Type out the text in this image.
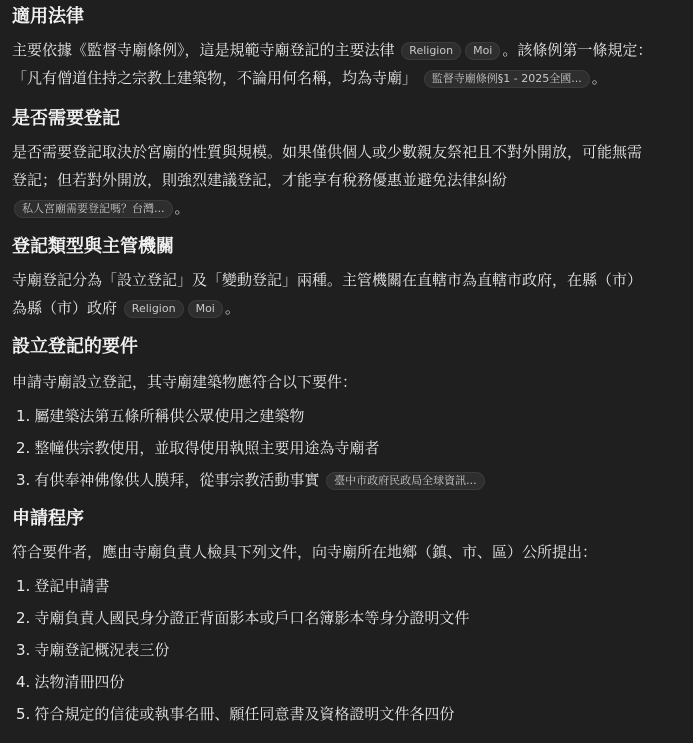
適用法律

主要依據《監督寺廟條例》，這是規範寺廟登記的主要法律 Religion Moi 。該條例第一條規定：
「凡有僧道住持之宗教上建築物，不論用何名稱，均為寺廟」 監督寺廟條例§1 - 2025全國... 。

是否需要登記

是否需要登記取決於宮廟的性質與規模。如果僅供個人或少數親友祭祀且不對外開放，可能無需
登記；但若對外開放，則強烈建議登記，才能享有稅務優惠並避免法律糾紛
私人宮廟需要登記嗎？台灣... 。

登記類型與主管機關

寺廟登記分為「設立登記」及「變動登記」兩種。主管機關在直轄市為直轄市政府，在縣（市）
為縣（市）政府 Religion Moi 。

設立登記的要件

申請寺廟設立登記，其寺廟建築物應符合以下要件：

1. 屬建築法第五條所稱供公眾使用之建築物
2. 整幢供宗教使用，並取得使用執照主要用途為寺廟者
3. 有供奉神佛像供人膜拜，從事宗教活動事實 臺中市政府民政局全球資訊...
申請程序

符合要件者，應由寺廟負責人檢具下列文件，向寺廟所在地鄉（鎮、市、區）公所提出：

1. 登記申請書
2. 寺廟負責人國民身分證正背面影本或戶口名簿影本等身分證明文件
3. 寺廟登記概況表三份
4. 法物清冊四份
5. 符合規定的信徒或執事名冊、願任同意書及資格證明文件各四份
